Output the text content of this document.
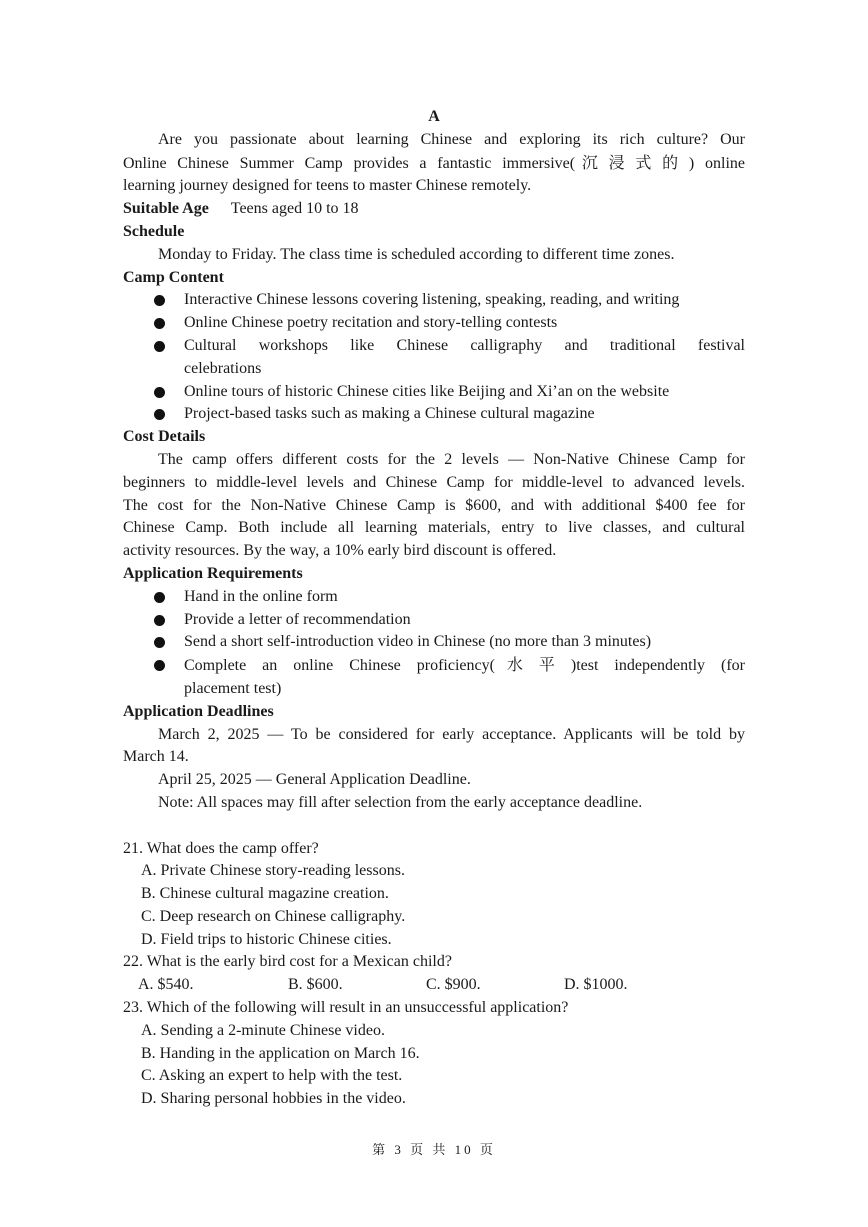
A

Are you passionate about learning Chinese and exploring its rich culture? Our

Online Chinese Summer Camp provides a fantastic immersive(沉浸式的) online

learning journey designed for teens to master Chinese remotely.

Suitable Age Teens aged 10 to 18

Schedule

Monday to Friday. The class time is scheduled according to different time zones.

Camp Content

Interactive Chinese lessons covering listening, speaking, reading, and writing
Online Chinese poetry recitation and story-telling contests
Cultural workshops like Chinese calligraphy and traditional festival
celebrations
Online tours of historic Chinese cities like Beijing and Xi’an on the website
Project-based tasks such as making a Chinese cultural magazine

Cost Details

The camp offers different costs for the 2 levels — Non-Native Chinese Camp for

beginners to middle-level levels and Chinese Camp for middle-level to advanced levels.

The cost for the Non-Native Chinese Camp is $600, and with additional $400 fee for

Chinese Camp. Both include all learning materials, entry to live classes, and cultural

activity resources. By the way, a 10% early bird discount is offered.

Application Requirements

Hand in the online form
Provide a letter of recommendation
Send a short self-introduction video in Chinese (no more than 3 minutes)
Complete an online Chinese proficiency(水平)test independently (for
placement test)

Application Deadlines

March 2, 2025 — To be considered for early acceptance. Applicants will be told by

March 14.

April 25, 2025 — General Application Deadline.

Note: All spaces may fill after selection from the early acceptance deadline.

21. What does the camp offer?

A. Private Chinese story-reading lessons.

B. Chinese cultural magazine creation.

C. Deep research on Chinese calligraphy.

D. Field trips to historic Chinese cities.

22. What is the early bird cost for a Mexican child?

A. $540.	B. $600.	C. $900.	D. $1000.

23. Which of the following will result in an unsuccessful application?

A. Sending a 2-minute Chinese video.

B. Handing in the application on March 16.

C. Asking an expert to help with the test.

D. Sharing personal hobbies in the video.

第 3 页 共 10 页
